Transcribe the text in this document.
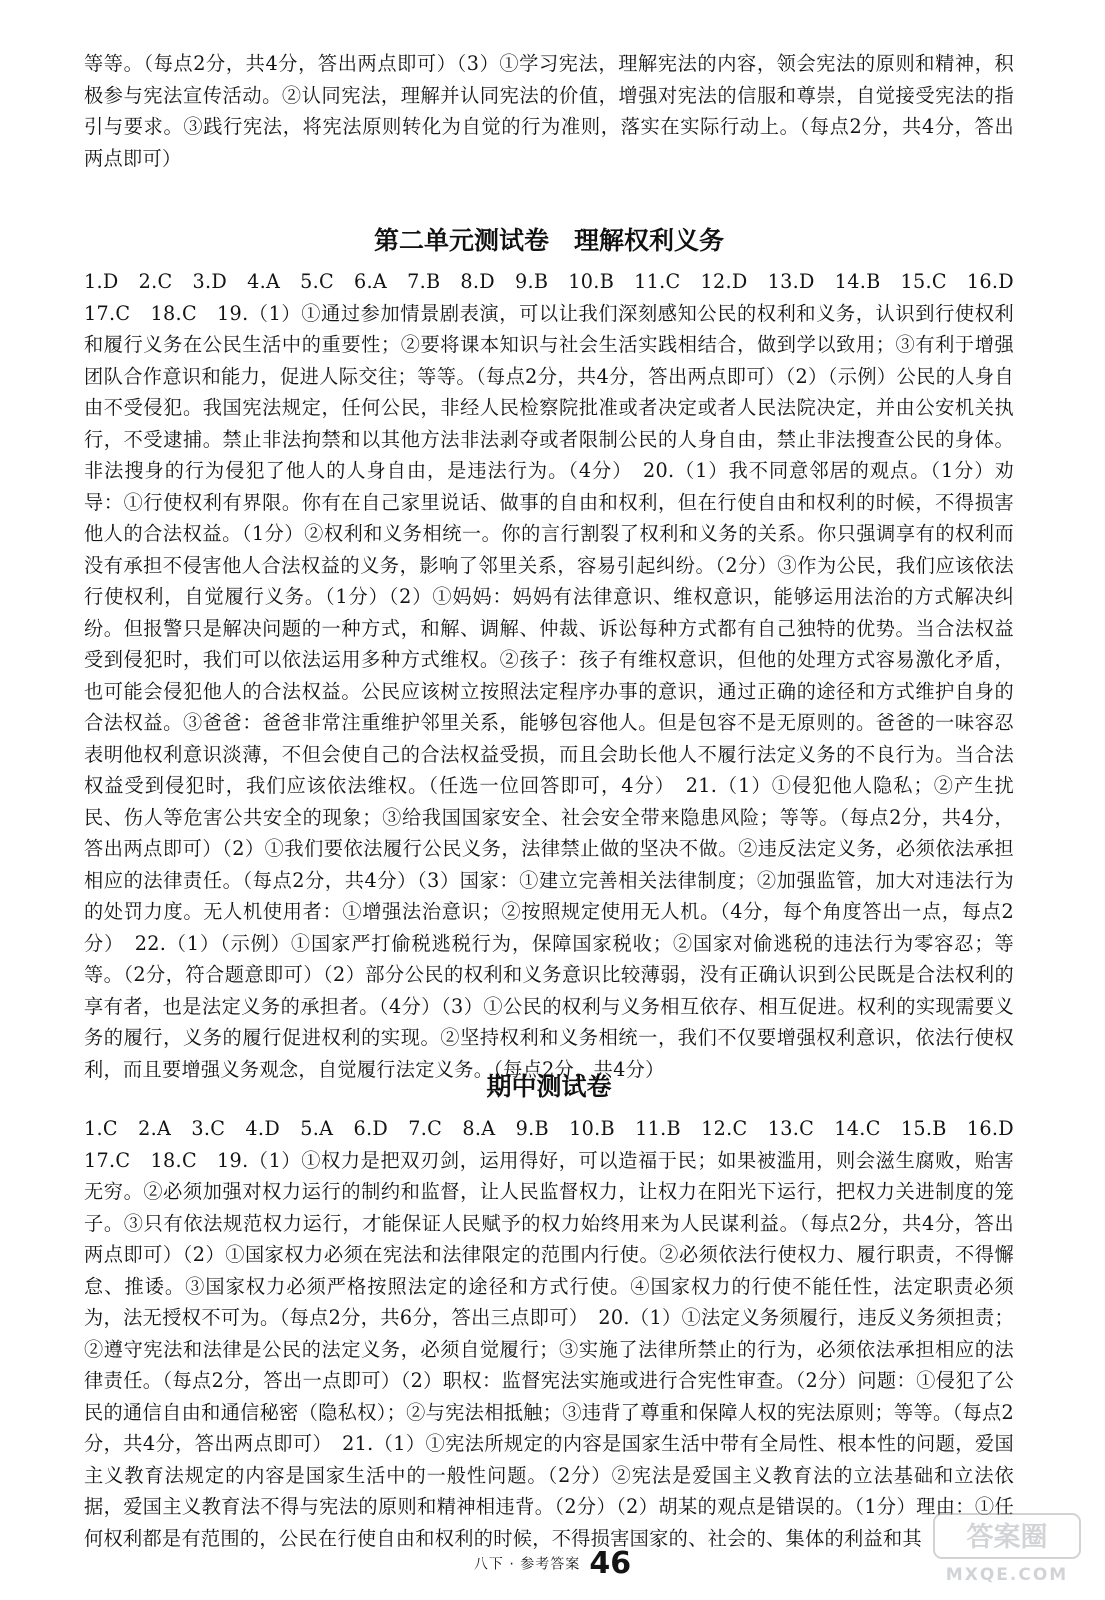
等等。（每点2分，共4分，答出两点即可）（3）①学习宪法，理解宪法的内容，领会宪法的原则和精神，积极参与宪法宣传活动。②认同宪法，理解并认同宪法的价值，增强对宪法的信服和尊崇，自觉接受宪法的指引与要求。③践行宪法，将宪法原则转化为自觉的行为准则，落实在实际行动上。（每点2分，共4分，答出两点即可）

第二单元测试卷　理解权利义务

1.D　2.C　3.D　4.A　5.C　6.A　7.B　8.D　9.B　10.B　11.C　12.D　13.D　14.B　15.C　16.D　17.C　18.C　19.（1）①通过参加情景剧表演，可以让我们深刻感知公民的权利和义务，认识到行使权利和履行义务在公民生活中的重要性；②要将课本知识与社会生活实践相结合，做到学以致用；③有利于增强团队合作意识和能力，促进人际交往；等等。（每点2分，共4分，答出两点即可）（2）（示例）公民的人身自由不受侵犯。我国宪法规定，任何公民，非经人民检察院批准或者决定或者人民法院决定，并由公安机关执行，不受逮捕。禁止非法拘禁和以其他方法非法剥夺或者限制公民的人身自由，禁止非法搜查公民的身体。非法搜身的行为侵犯了他人的人身自由，是违法行为。（4分）　20.（1）我不同意邻居的观点。（1分）劝导：①行使权利有界限。你有在自己家里说话、做事的自由和权利，但在行使自由和权利的时候，不得损害他人的合法权益。（1分）②权利和义务相统一。你的言行割裂了权利和义务的关系。你只强调享有的权利而没有承担不侵害他人合法权益的义务，影响了邻里关系，容易引起纠纷。（2分）③作为公民，我们应该依法行使权利，自觉履行义务。（1分）（2）①妈妈：妈妈有法律意识、维权意识，能够运用法治的方式解决纠纷。但报警只是解决问题的一种方式，和解、调解、仲裁、诉讼每种方式都有自己独特的优势。当合法权益受到侵犯时，我们可以依法运用多种方式维权。②孩子：孩子有维权意识，但他的处理方式容易激化矛盾，也可能会侵犯他人的合法权益。公民应该树立按照法定程序办事的意识，通过正确的途径和方式维护自身的合法权益。③爸爸：爸爸非常注重维护邻里关系，能够包容他人。但是包容不是无原则的。爸爸的一味容忍表明他权利意识淡薄，不但会使自己的合法权益受损，而且会助长他人不履行法定义务的不良行为。当合法权益受到侵犯时，我们应该依法维权。（任选一位回答即可，4分）　21.（1）①侵犯他人隐私；②产生扰民、伤人等危害公共安全的现象；③给我国国家安全、社会安全带来隐患风险；等等。（每点2分，共4分，答出两点即可）（2）①我们要依法履行公民义务，法律禁止做的坚决不做。②违反法定义务，必须依法承担相应的法律责任。（每点2分，共4分）（3）国家：①建立完善相关法律制度；②加强监管，加大对违法行为的处罚力度。无人机使用者：①增强法治意识；②按照规定使用无人机。（4分，每个角度答出一点，每点2分）　22.（1）（示例）①国家严打偷税逃税行为，保障国家税收；②国家对偷逃税的违法行为零容忍；等等。（2分，符合题意即可）（2）部分公民的权利和义务意识比较薄弱，没有正确认识到公民既是合法权利的享有者，也是法定义务的承担者。（4分）（3）①公民的权利与义务相互依存、相互促进。权利的实现需要义务的履行，义务的履行促进权利的实现。②坚持权利和义务相统一，我们不仅要增强权利意识，依法行使权利，而且要增强义务观念，自觉履行法定义务。（每点2分，共4分）

期中测试卷

1.C　2.A　3.C　4.D　5.A　6.D　7.C　8.A　9.B　10.B　11.B　12.C　13.C　14.C　15.B　16.D　17.C　18.C　19.（1）①权力是把双刃剑，运用得好，可以造福于民；如果被滥用，则会滋生腐败，贻害无穷。②必须加强对权力运行的制约和监督，让人民监督权力，让权力在阳光下运行，把权力关进制度的笼子。③只有依法规范权力运行，才能保证人民赋予的权力始终用来为人民谋利益。（每点2分，共4分，答出两点即可）（2）①国家权力必须在宪法和法律限定的范围内行使。②必须依法行使权力、履行职责，不得懈怠、推诿。③国家权力必须严格按照法定的途径和方式行使。④国家权力的行使不能任性，法定职责必须为，法无授权不可为。（每点2分，共6分，答出三点即可）　20.（1）①法定义务须履行，违反义务须担责；②遵守宪法和法律是公民的法定义务，必须自觉履行；③实施了法律所禁止的行为，必须依法承担相应的法律责任。（每点2分，答出一点即可）（2）职权：监督宪法实施或进行合宪性审查。（2分）问题：①侵犯了公民的通信自由和通信秘密（隐私权）；②与宪法相抵触；③违背了尊重和保障人权的宪法原则；等等。（每点2分，共4分，答出两点即可）　21.（1）①宪法所规定的内容是国家生活中带有全局性、根本性的问题，爱国主义教育法规定的内容是国家生活中的一般性问题。（2分）②宪法是爱国主义教育法的立法基础和立法依据，爱国主义教育法不得与宪法的原则和精神相违背。（2分）（2）胡某的观点是错误的。（1分）理由：①任何权利都是有范围的，公民在行使自由和权利的时候，不得损害国家的、社会的、集体的利益和其

八下 · 参考答案 46
答案圈
MXQE.COM
